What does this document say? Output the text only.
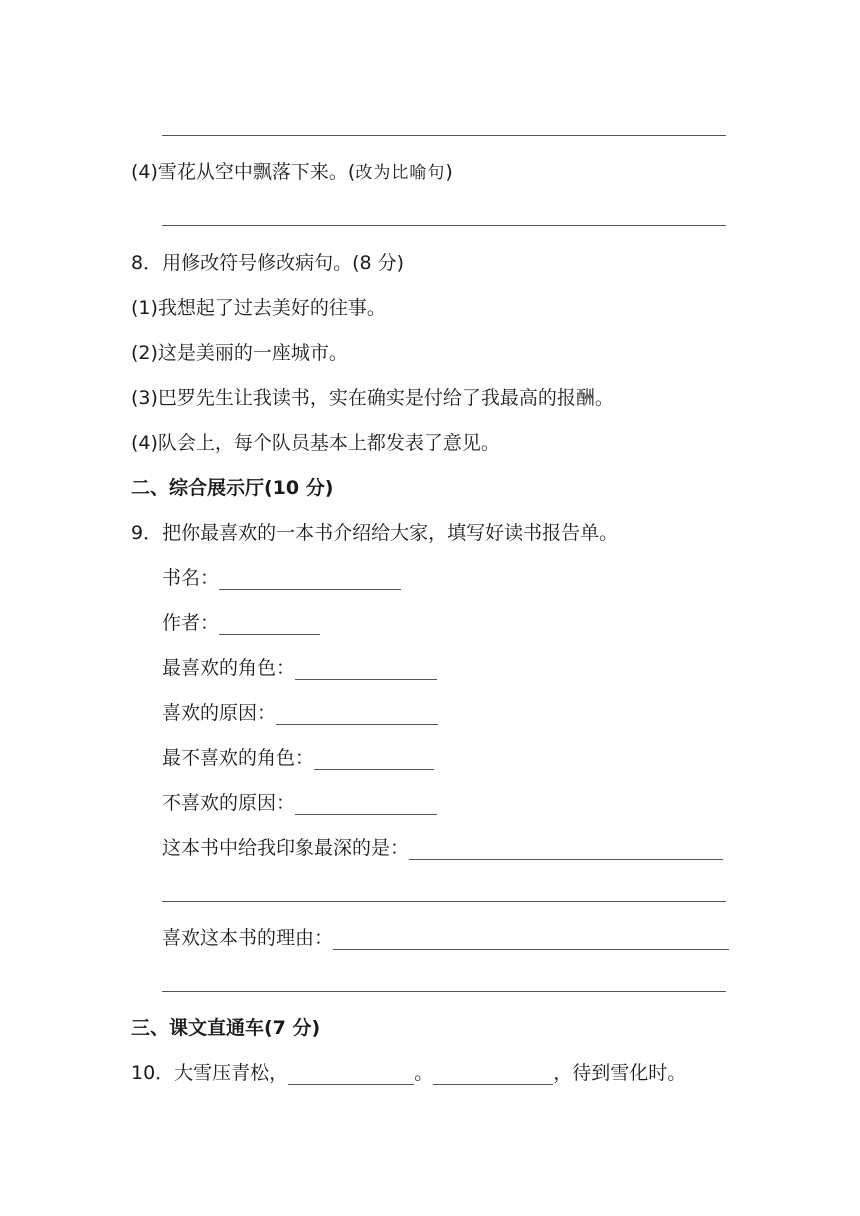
(4)雪花从空中飘落下来。(改为比喻句)
8．用修改符号修改病句。(8 分)
(1)我想起了过去美好的往事。
(2)这是美丽的一座城市。
(3)巴罗先生让我读书，实在确实是付给了我最高的报酬。
(4)队会上，每个队员基本上都发表了意见。
二、综合展示厅(10 分)
9．把你最喜欢的一本书介绍给大家，填写好读书报告单。
书名：
作者：
最喜欢的角色：
喜欢的原因：
最不喜欢的角色：
不喜欢的原因：
这本书中给我印象最深的是：
喜欢这本书的理由：
三、课文直通车(7 分)
10．大雪压青松，	。	，待到雪化时。
